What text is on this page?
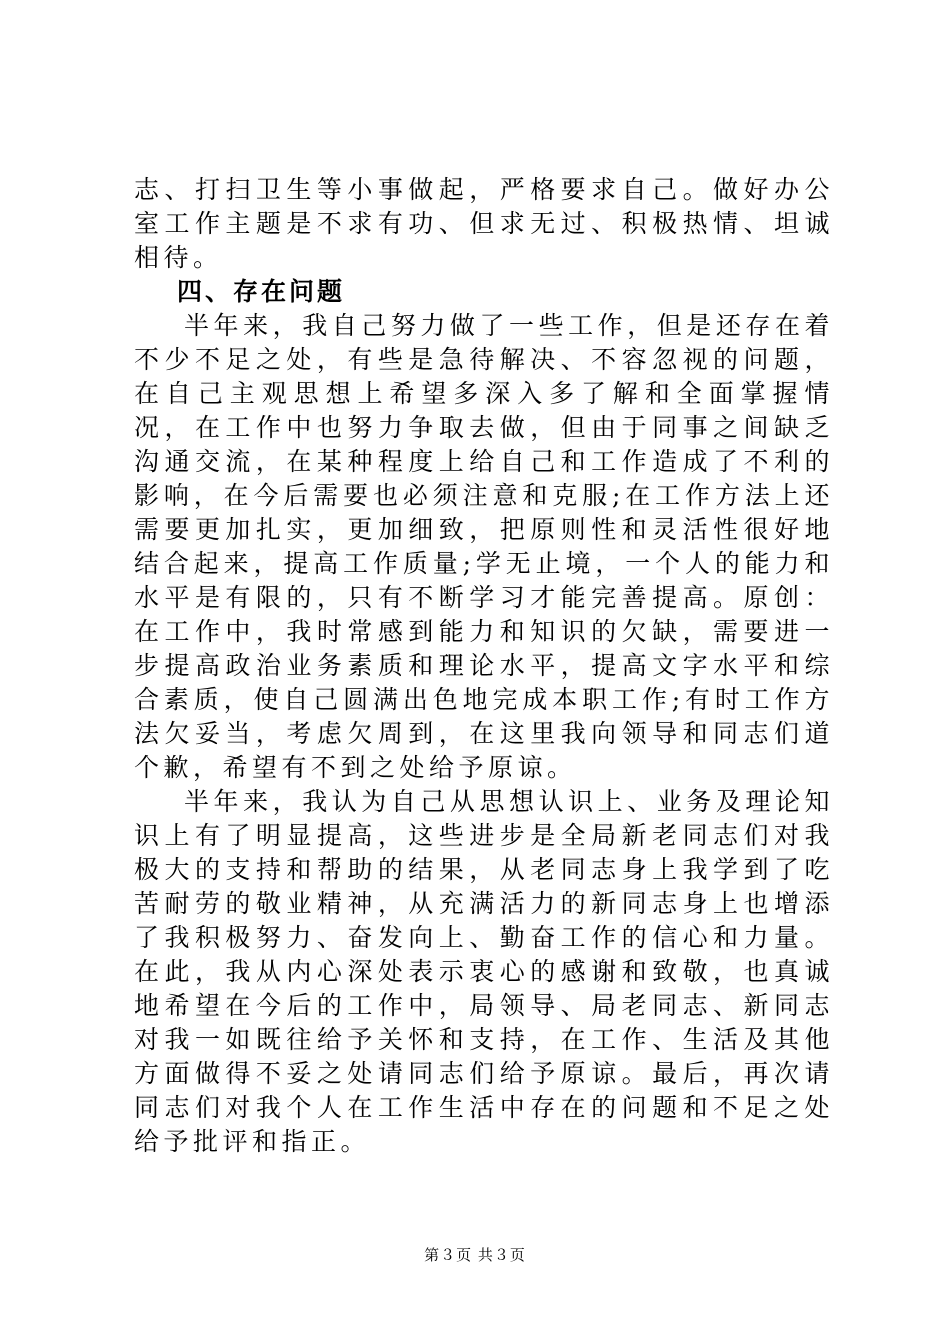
志、打扫卫生等小事做起，严格要求自己。做好办公室工作主题是不求有功、但求无过、积极热情、坦诚相待。

四、存在问题

半年来，我自己努力做了一些工作，但是还存在着不少不足之处，有些是急待解决、不容忽视的问题，在自己主观思想上希望多深入多了解和全面掌握情况，在工作中也努力争取去做，但由于同事之间缺乏沟通交流，在某种程度上给自己和工作造成了不利的影响，在今后需要也必须注意和克服;在工作方法上还需要更加扎实，更加细致，把原则性和灵活性很好地结合起来，提高工作质量;学无止境，一个人的能力和水平是有限的，只有不断学习才能完善提高。原创：在工作中，我时常感到能力和知识的欠缺，需要进一步提高政治业务素质和理论水平，提高文字水平和综合素质，使自己圆满出色地完成本职工作;有时工作方法欠妥当，考虑欠周到，在这里我向领导和同志们道个歉，希望有不到之处给予原谅。

半年来，我认为自己从思想认识上、业务及理论知识上有了明显提高，这些进步是全局新老同志们对我极大的支持和帮助的结果，从老同志身上我学到了吃苦耐劳的敬业精神，从充满活力的新同志身上也增添了我积极努力、奋发向上、勤奋工作的信心和力量。在此，我从内心深处表示衷心的感谢和致敬，也真诚地希望在今后的工作中，局领导、局老同志、新同志对我一如既往给予关怀和支持，在工作、生活及其他方面做得不妥之处请同志们给予原谅。最后，再次请同志们对我个人在工作生活中存在的问题和不足之处给予批评和指正。

第３页 共３页
